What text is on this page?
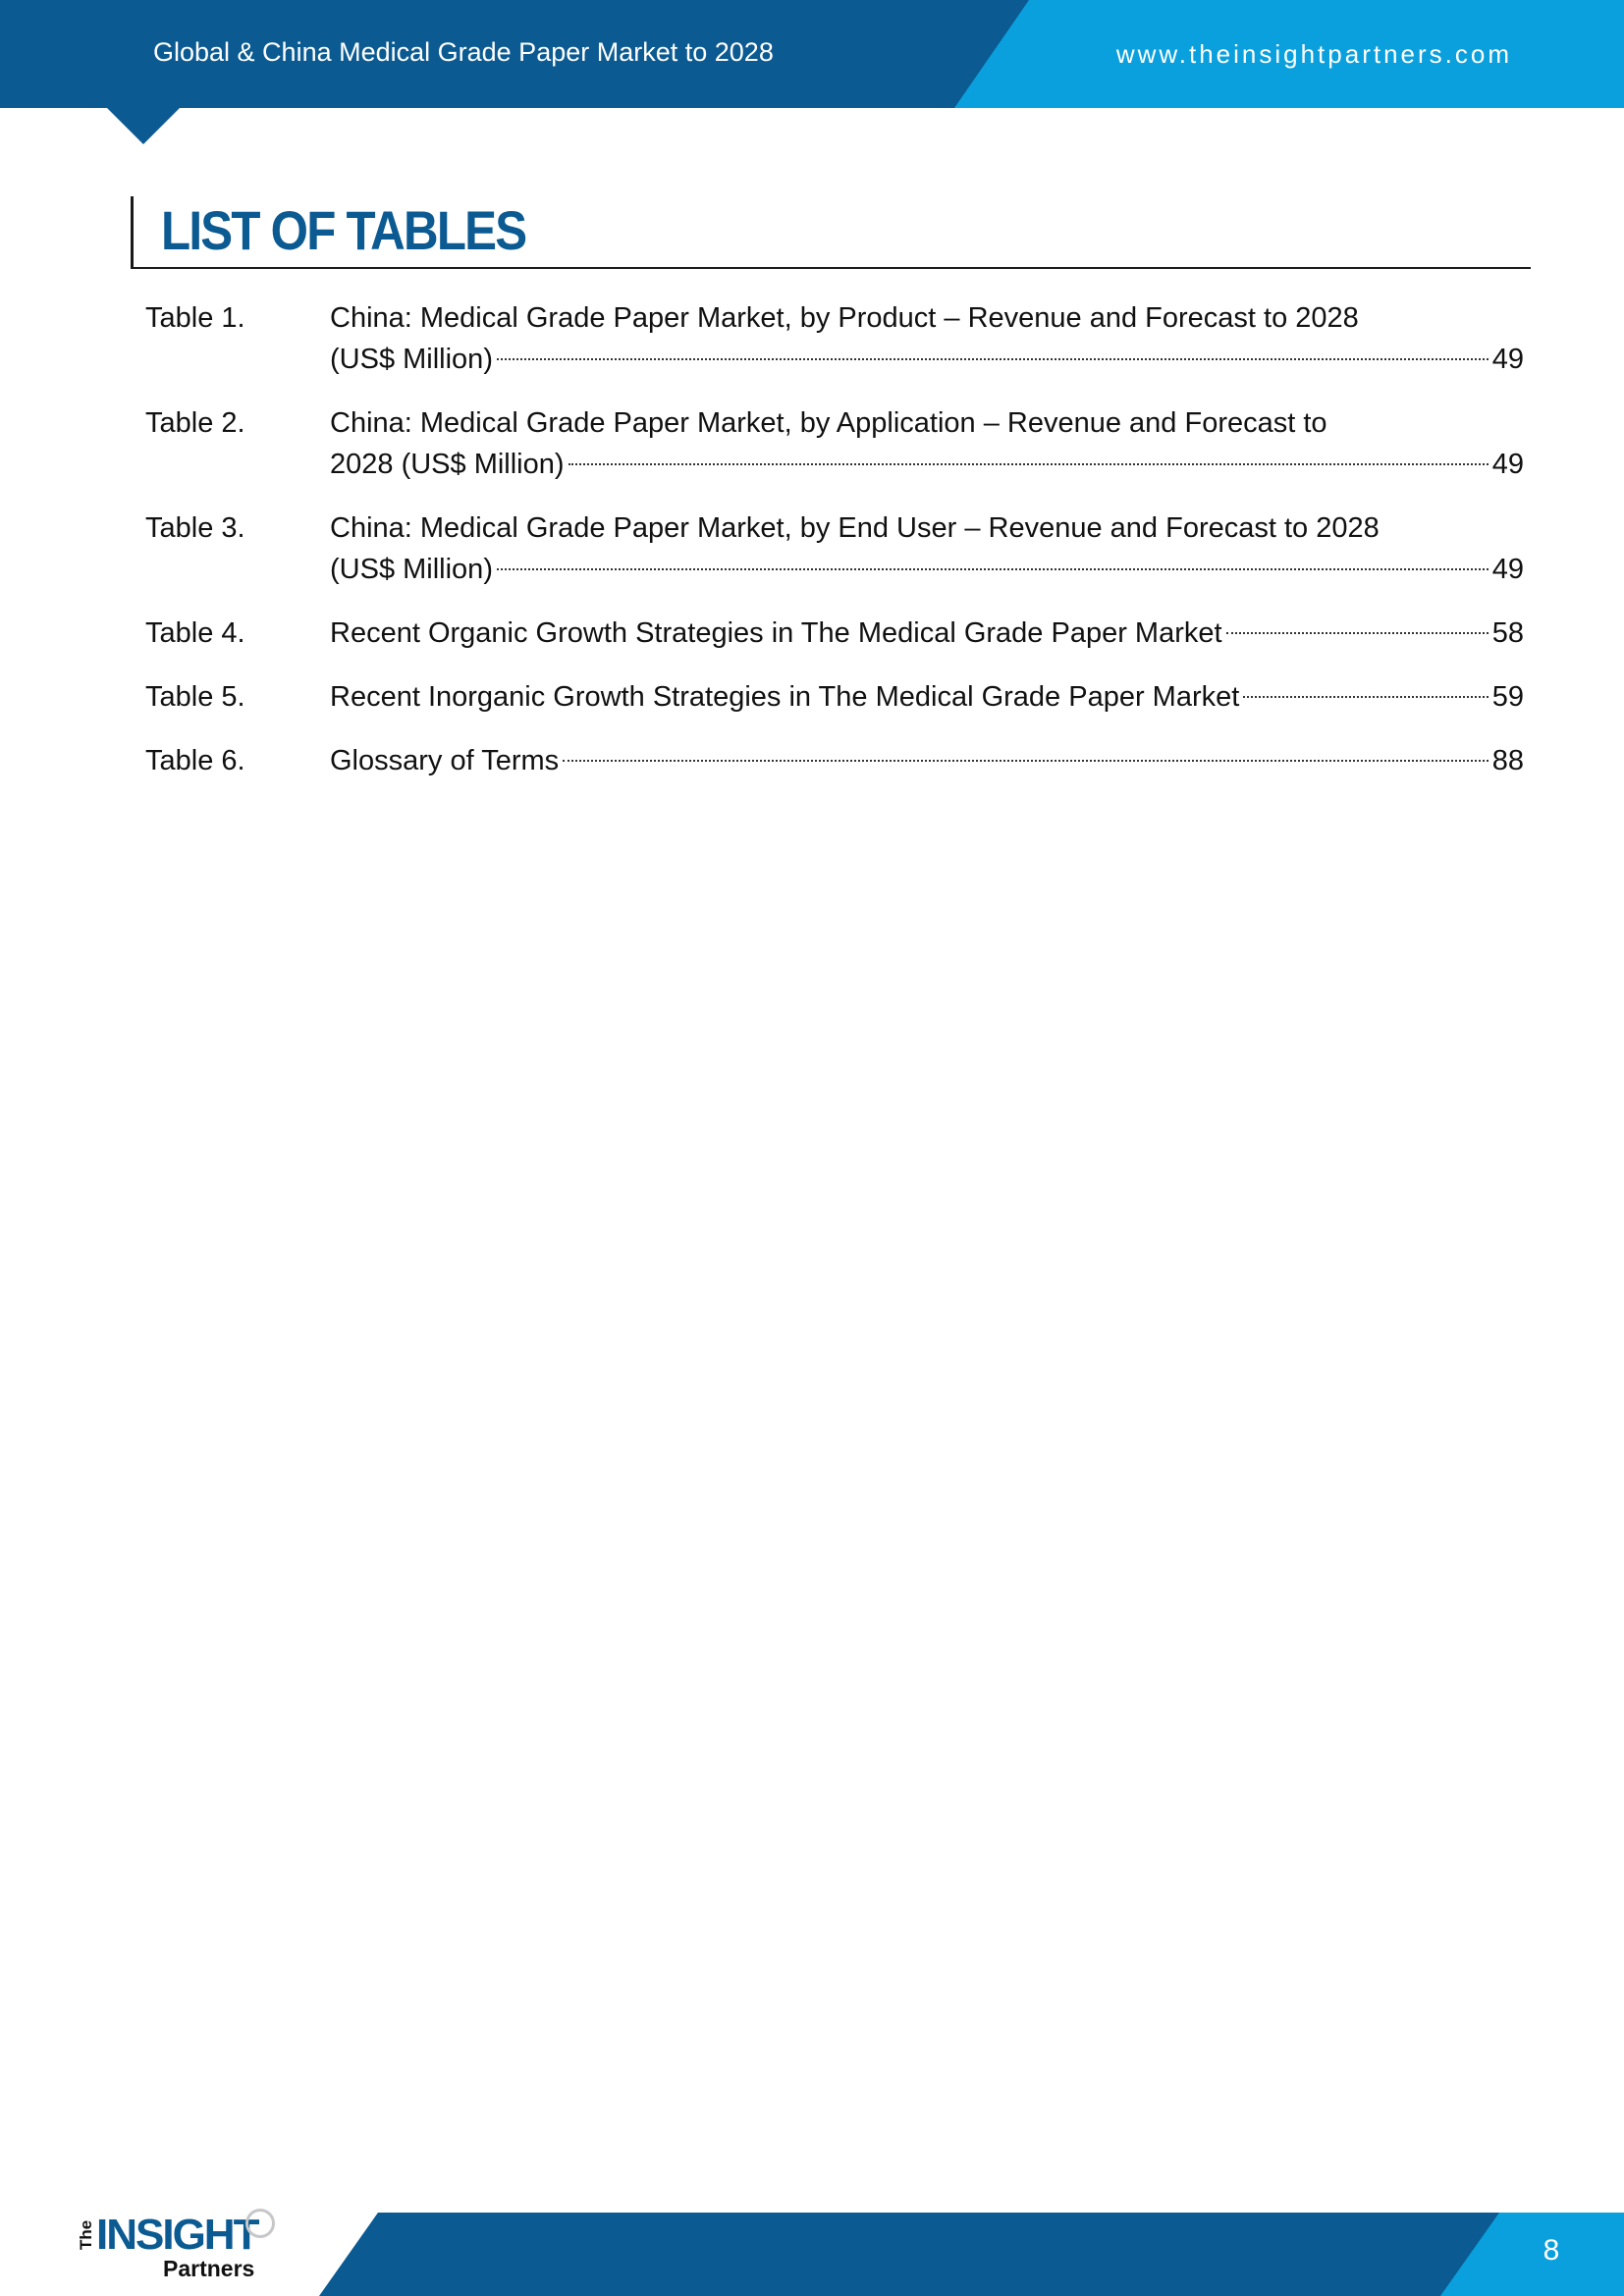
Global & China Medical Grade Paper Market to 2028	www.theinsightpartners.com
LIST OF TABLES
Table 1.	China: Medical Grade Paper Market, by Product – Revenue and Forecast to 2028
(US$ Million)	49
Table 2.	China: Medical Grade Paper Market, by Application – Revenue and Forecast to
2028 (US$ Million)	49
Table 3.	China: Medical Grade Paper Market, by End User – Revenue and Forecast to 2028
(US$ Million)	49
Table 4.	Recent Organic Growth Strategies in The Medical Grade Paper Market	58
Table 5.	Recent Inorganic Growth Strategies in The Medical Grade Paper Market	59
Table 6.	Glossary of Terms	88
8
The INSIGHT
Partners
